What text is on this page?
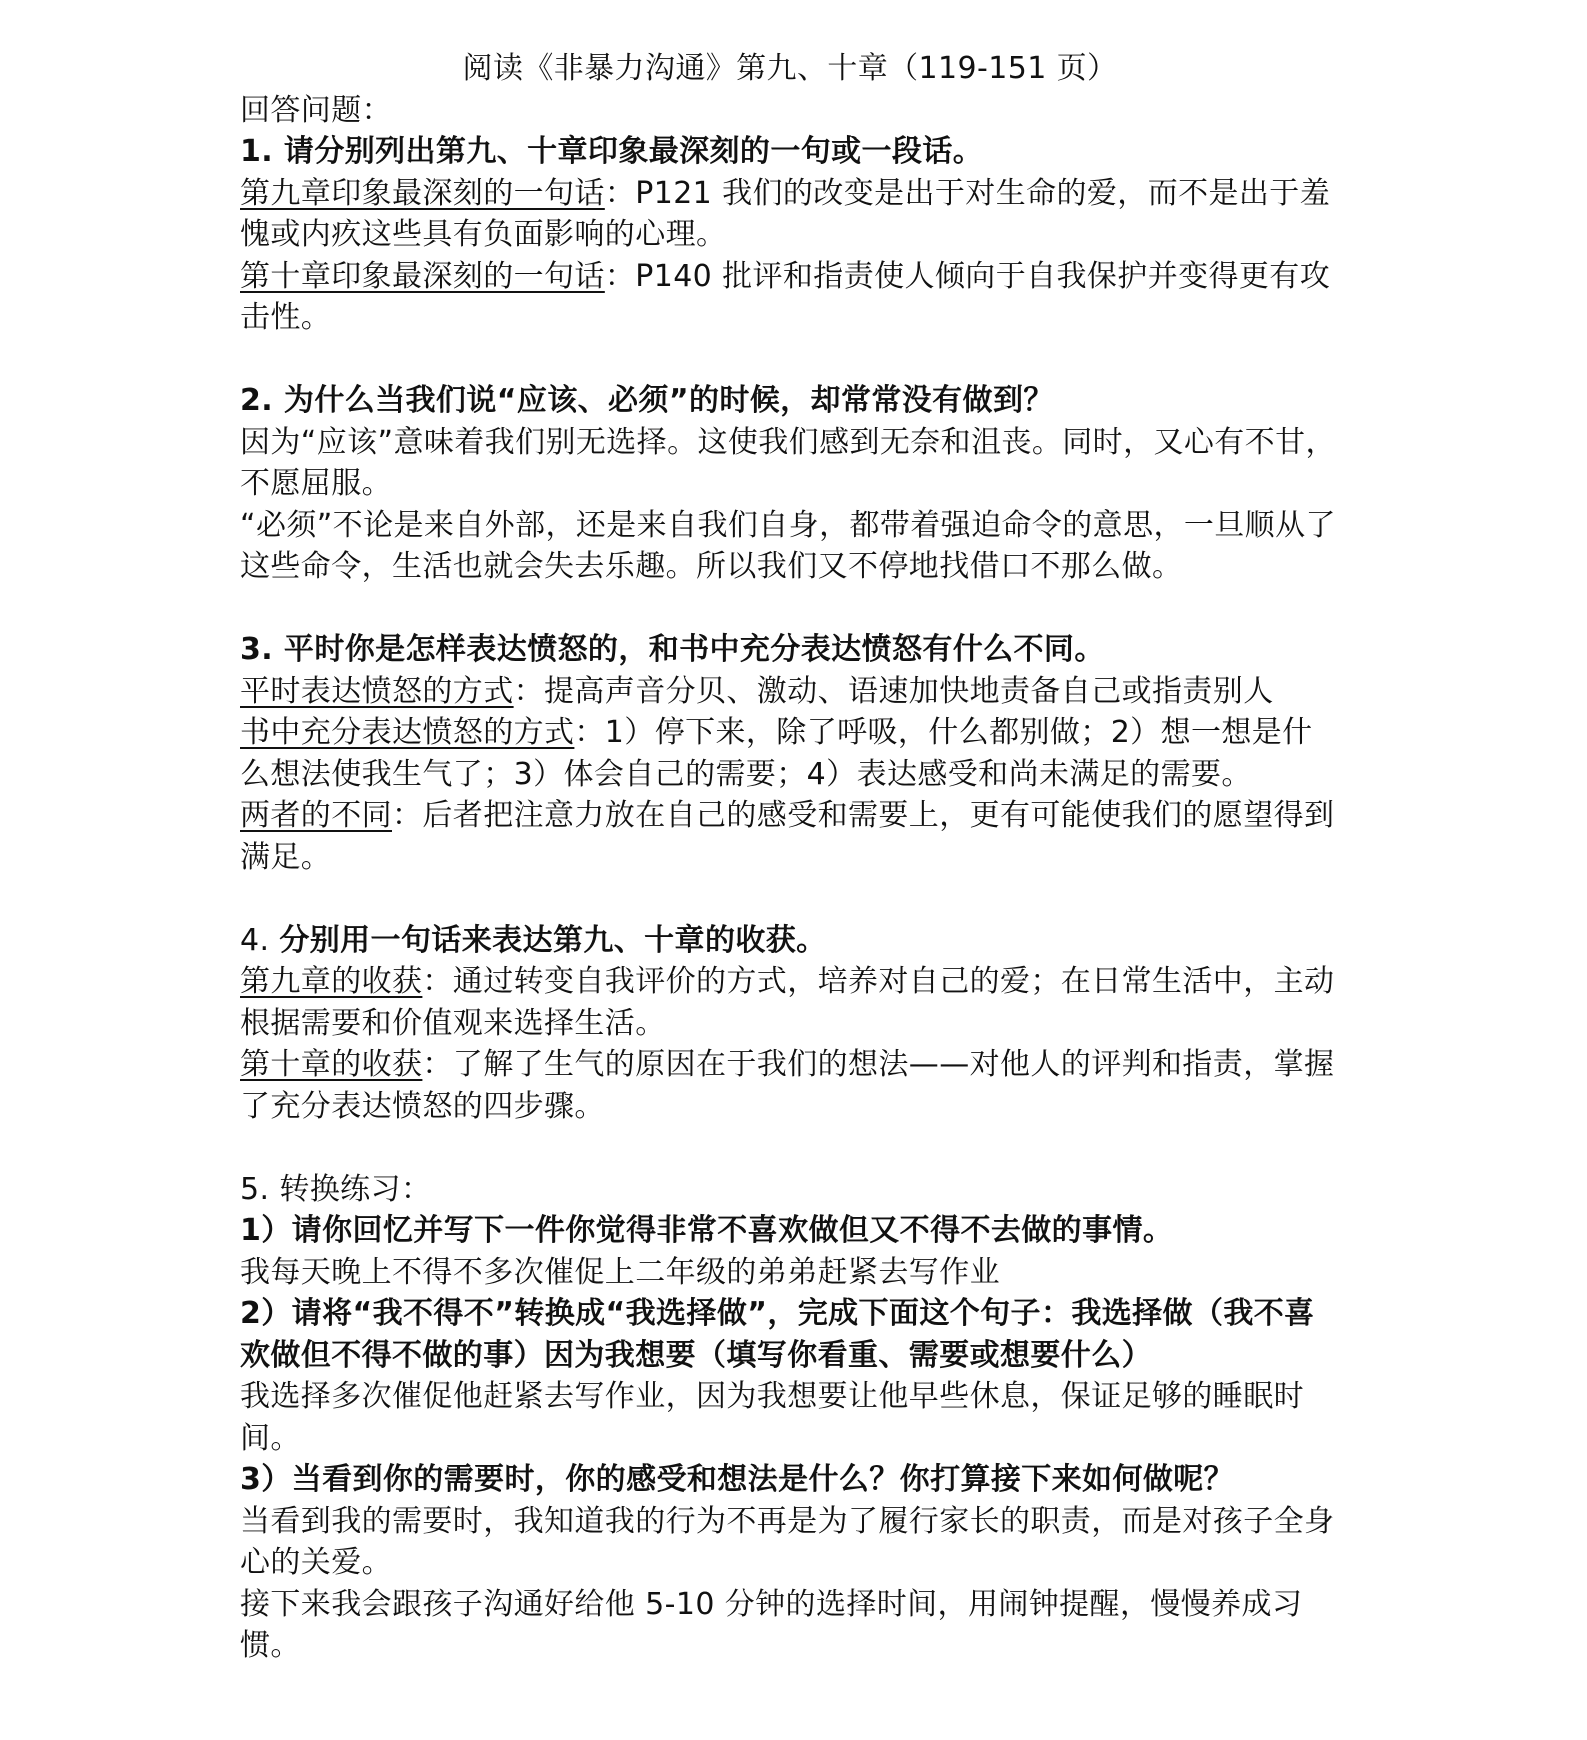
阅读《非暴力沟通》第九、十章（119-151 页）

回答问题：

1. 请分别列出第九、十章印象最深刻的一句或一段话。

第九章印象最深刻的一句话：P121 我们的改变是出于对生命的爱，而不是出于羞愧或内疚这些具有负面影响的心理。

第十章印象最深刻的一句话：P140 批评和指责使人倾向于自我保护并变得更有攻击性。

2. 为什么当我们说“应该、必须”的时候，却常常没有做到？

因为“应该”意味着我们别无选择。这使我们感到无奈和沮丧。同时，又心有不甘，不愿屈服。

“必须”不论是来自外部，还是来自我们自身，都带着强迫命令的意思，一旦顺从了这些命令，生活也就会失去乐趣。所以我们又不停地找借口不那么做。

3. 平时你是怎样表达愤怒的，和书中充分表达愤怒有什么不同。

平时表达愤怒的方式：提高声音分贝、激动、语速加快地责备自己或指责别人

书中充分表达愤怒的方式：1）停下来，除了呼吸，什么都别做；2）想一想是什么想法使我生气了；3）体会自己的需要；4）表达感受和尚未满足的需要。

两者的不同：后者把注意力放在自己的感受和需要上，更有可能使我们的愿望得到满足。

4. 分别用一句话来表达第九、十章的收获。

第九章的收获：通过转变自我评价的方式，培养对自己的爱；在日常生活中，主动根据需要和价值观来选择生活。

第十章的收获：了解了生气的原因在于我们的想法——对他人的评判和指责，掌握了充分表达愤怒的四步骤。

5. 转换练习：

1）请你回忆并写下一件你觉得非常不喜欢做但又不得不去做的事情。

我每天晚上不得不多次催促上二年级的弟弟赶紧去写作业

2）请将“我不得不”转换成“我选择做”，完成下面这个句子：我选择做（我不喜欢做但不得不做的事）因为我想要（填写你看重、需要或想要什么）

我选择多次催促他赶紧去写作业，因为我想要让他早些休息，保证足够的睡眠时间。

3）当看到你的需要时，你的感受和想法是什么？你打算接下来如何做呢？

当看到我的需要时，我知道我的行为不再是为了履行家长的职责，而是对孩子全身心的关爱。

接下来我会跟孩子沟通好给他 5-10 分钟的选择时间，用闹钟提醒，慢慢养成习惯。
